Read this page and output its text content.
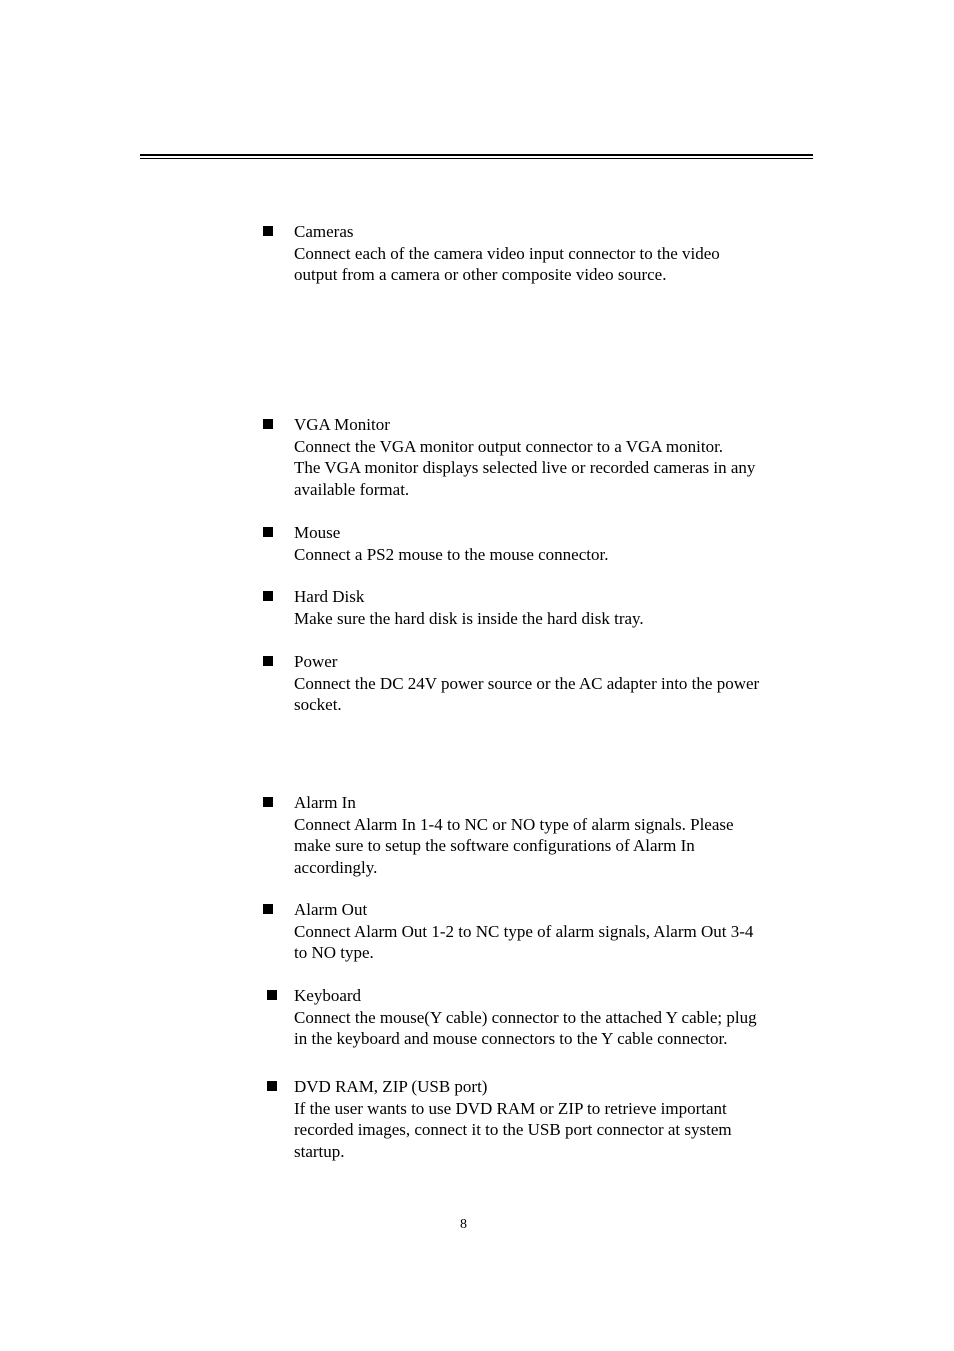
Cameras
Connect each of the camera video input connector to the video
output from a camera or other composite video source.
VGA Monitor
Connect the VGA monitor output connector to a VGA monitor.
The VGA monitor displays selected live or recorded cameras in any
available format.
Mouse
Connect a PS2 mouse to the mouse connector.
Hard Disk
Make sure the hard disk is inside the hard disk tray.
Power
Connect the DC 24V power source or the AC adapter into the power
socket.
Alarm In
Connect Alarm In 1-4 to NC or NO type of alarm signals. Please
make sure to setup the software configurations of Alarm In
accordingly.
Alarm Out
Connect Alarm Out 1-2 to NC type of alarm signals, Alarm Out 3-4
to NO type.
Keyboard
Connect the mouse(Y cable) connector to the attached Y cable; plug
in the keyboard and mouse connectors to the Y cable connector.
DVD RAM, ZIP (USB port)
If the user wants to use DVD RAM or ZIP to retrieve important
recorded images, connect it to the USB port connector at system
startup.
8
